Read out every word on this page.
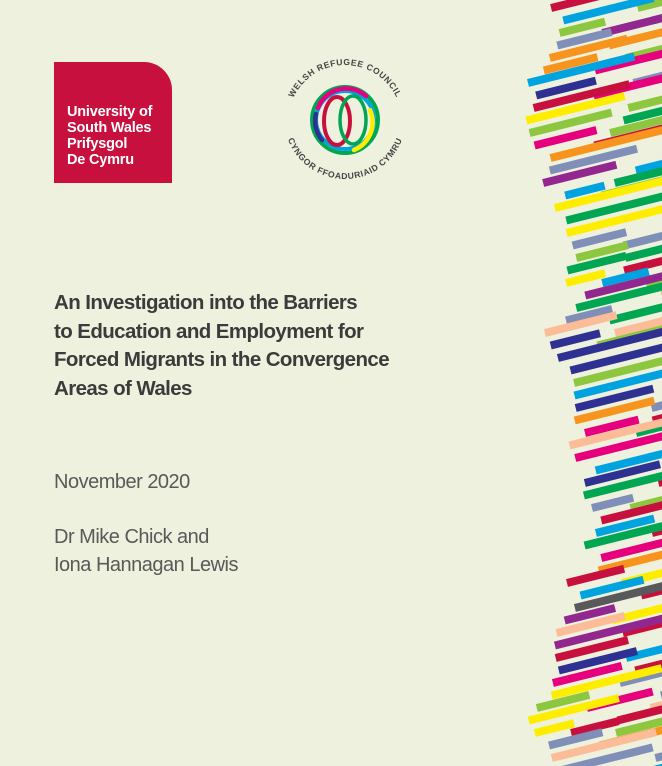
University of
South Wales
Prifysgol
De Cymru
WELSH REFUGEE COUNCIL
CYNGOR FFOADURIAID CYMRU
An Investigation into the Barriers
to Education and Employment for
Forced Migrants in the Convergence
Areas of Wales
November 2020
Dr Mike Chick and
Iona Hannagan Lewis
